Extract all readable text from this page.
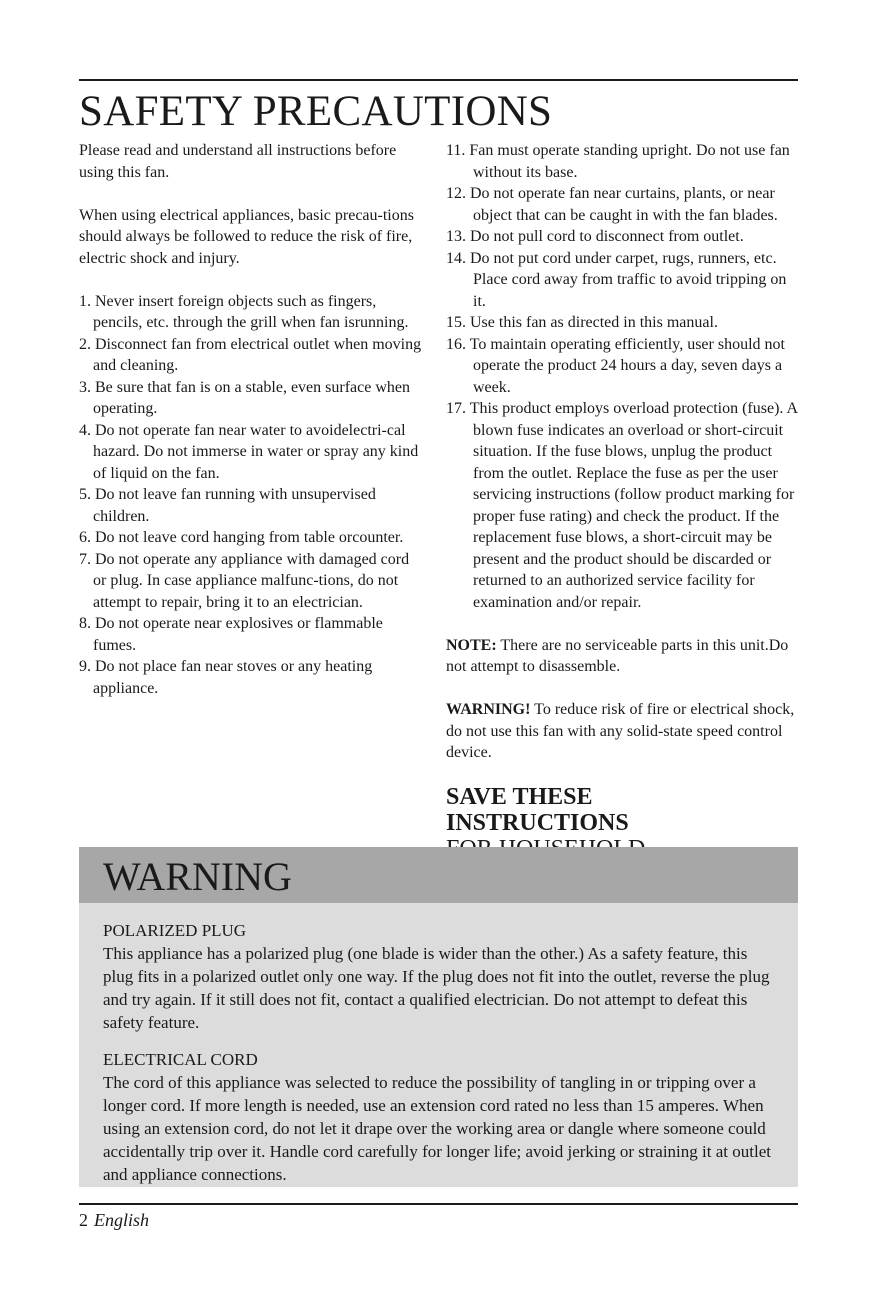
SAFETY PRECAUTIONS

Please read and understand all instructions before using this fan.

When using electrical appliances, basic precau-tions should always be followed to reduce the risk of fire, electric shock and injury.

1. Never insert foreign objects such as fingers, pencils, etc. through the grill when fan isrunning.
2. Disconnect fan from electrical outlet when moving and cleaning.
3. Be sure that fan is on a stable, even surface when operating.
4. Do not operate fan near water to avoidelectri-cal hazard. Do not immerse in water or spray any kind of liquid on the fan.
5. Do not leave fan running with unsupervised children.
6. Do not leave cord hanging from table orcounter.
7. Do not operate any appliance with damaged cord or plug. In case appliance malfunc-tions, do not attempt to repair, bring it to an electrician.
8. Do not operate near explosives or flammable fumes.
9. Do not place fan near stoves or any heating appliance.
11. Fan must operate standing upright. Do not use fan without its base.
12. Do not operate fan near curtains, plants, or near object that can be caught in with the fan blades.
13. Do not pull cord to disconnect from outlet.
14. Do not put cord under carpet, rugs, runners, etc. Place cord away from traffic to avoid tripping on it.
15. Use this fan as directed in this manual.
16. To maintain operating efficiently, user should not operate the product 24 hours a day, seven days a week.
17. This product employs overload protection (fuse). A blown fuse indicates an overload or short-circuit situation. If the fuse blows, unplug the product from the outlet. Replace the fuse as per the user servicing instructions (follow product marking for proper fuse rating) and check the product. If the replacement fuse blows, a short-circuit may be present and the product should be discarded or returned to an authorized service facility for examination and/or repair.

NOTE: There are no serviceable parts in this unit.Do not attempt to disassemble.

WARNING! To reduce risk of fire or electrical shock, do not use this fan with any solid-state speed control device.

SAVE THESE
INSTRUCTIONS
WARNING
POLARIZED PLUG
This appliance has a polarized plug (one blade is wider than the other.) As a safety feature, this plug fits in a polarized outlet only one way. If the plug does not fit into the outlet, reverse the plug and try again. If it still does not fit, contact a qualified electrician. Do not attempt to defeat this safety feature.
ELECTRICAL CORD
The cord of this appliance was selected to reduce the possibility of tangling in or tripping over a longer cord. If more length is needed, use an extension cord rated no less than 15 amperes. When using an extension cord, do not let it drape over the working area or dangle where someone could accidentally trip over it. Handle cord carefully for longer life; avoid jerking or straining it at outlet and appliance connections.
2 English
